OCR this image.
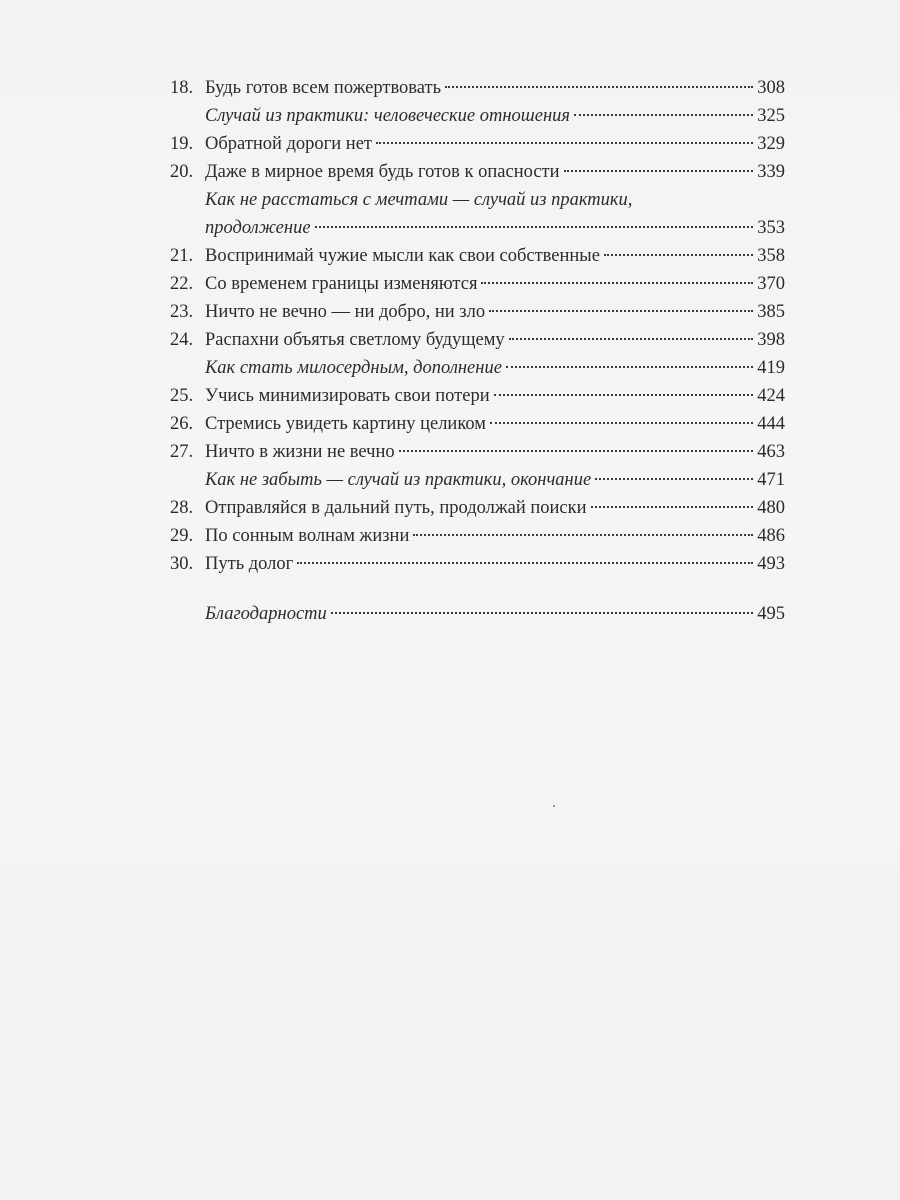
18. Будь готов всем пожертвовать	308
Случай из практики: человеческие отношения	325
19. Обратной дороги нет	329
20. Даже в мирное время будь готов к опасности	339
Как не расстаться с мечтами — случай из практики,
продолжение	353
21. Воспринимай чужие мысли как свои собственные	358
22. Со временем границы изменяются	370
23. Ничто не вечно — ни добро, ни зло	385
24. Распахни объятья светлому будущему	398
Как стать милосердным, дополнение	419
25. Учись минимизировать свои потери	424
26. Стремись увидеть картину целиком	444
27. Ничто в жизни не вечно	463
Как не забыть — случай из практики, окончание	471
28. Отправляйся в дальний путь, продолжай поиски	480
29. По сонным волнам жизни	486
30. Путь долог	493
Благодарности	495
